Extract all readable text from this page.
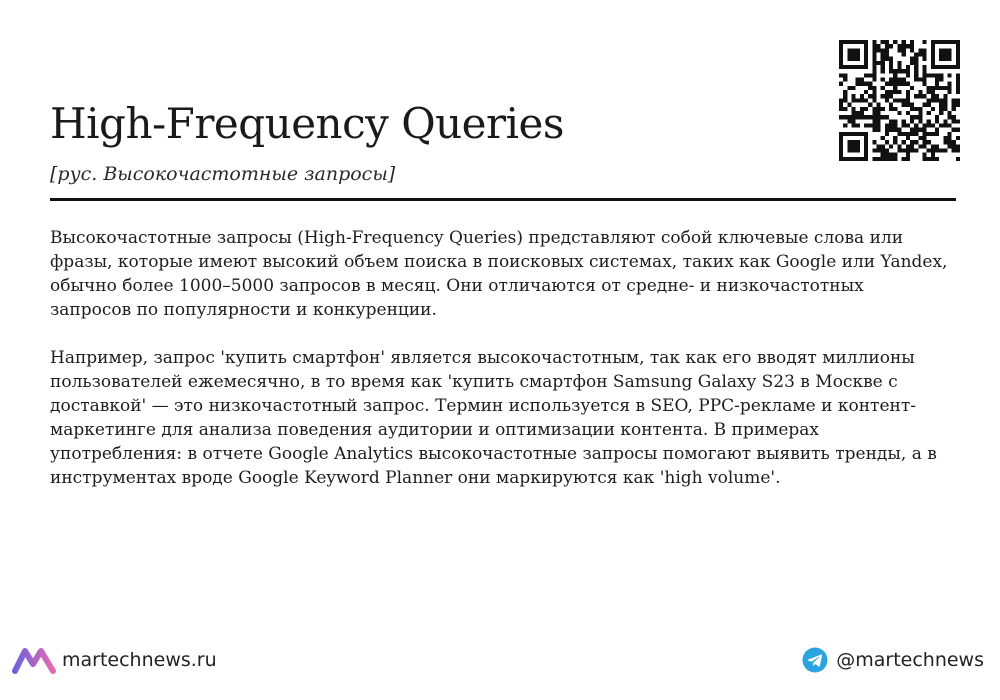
High-Frequency Queries
[рус. Высокочастотные запросы]

Высокочастотные запросы (High-Frequency Queries) представляют собой ключевые слова или фразы, которые имеют высокий объем поиска в поисковых системах, таких как Google или Yandex, обычно более 1000–5000 запросов в месяц. Они отличаются от средне- и низкочастотных запросов по популярности и конкуренции.

Например, запрос 'купить смартфон' является высокочастотным, так как его вводят миллионы пользователей ежемесячно, в то время как 'купить смартфон Samsung Galaxy S23 в Москве с доставкой' — это низкочастотный запрос. Термин используется в SEO, PPC-рекламе и контент-маркетинге для анализа поведения аудитории и оптимизации контента. В примерах употребления: в отчете Google Analytics высокочастотные запросы помогают выявить тренды, а в инструментах вроде Google Keyword Planner они маркируются как 'high volume'.

martechnews.ru	@martechnews
